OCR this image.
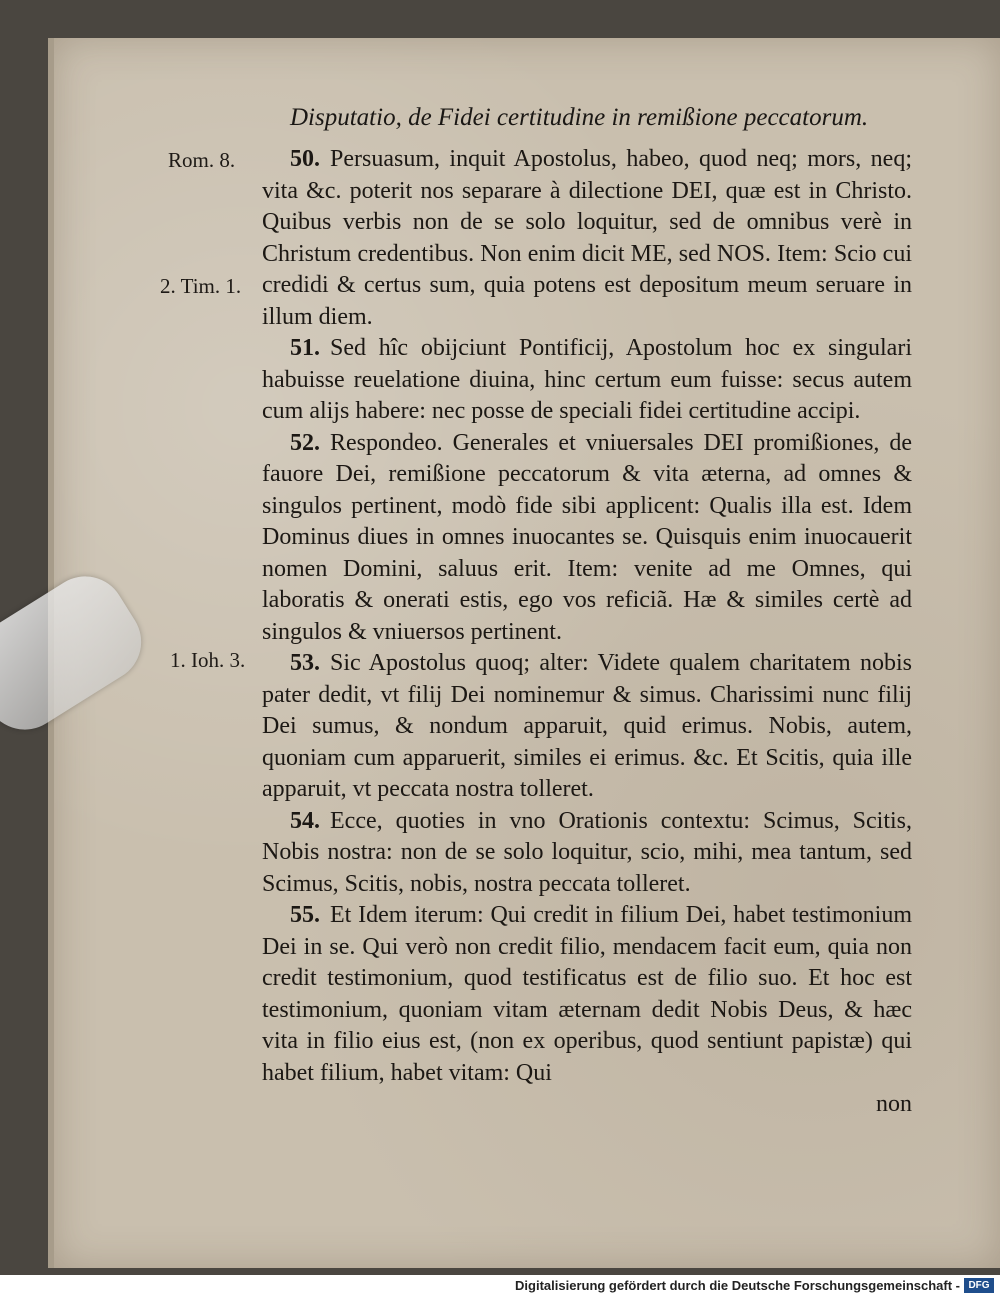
Disputatio, de Fidei certitudine in remißione peccatorum.
Rom. 8.
2. Tim. 1.
1. Ioh. 3.

50. Persuasum, inquit Apostolus, habeo, quod neq; mors, neq; vita &c. poterit nos separare à dilectione DEI, quæ est in Christo. Quibus verbis non de se solo loquitur, sed de omnibus verè in Christum credentibus. Non enim dicit ME, sed NOS. Item: Scio cui credidi & certus sum, quia potens est depositum meum seruare in illum diem.

51. Sed hîc obijciunt Pontificij, Apostolum hoc ex singulari habuisse reuelatione diuina, hinc certum eum fuisse: secus autem cum alijs habere: nec posse de speciali fidei certitudine accipi.

52. Respondeo. Generales et vniuersales DEI promißiones, de fauore Dei, remißione peccatorum & vita æterna, ad omnes & singulos pertinent, modò fide sibi applicent: Qualis illa est. Idem Dominus diues in omnes inuocantes se. Quisquis enim inuocauerit nomen Domini, saluus erit. Item: venite ad me Omnes, qui laboratis & onerati estis, ego vos reficiã. Hæ & similes certè ad singulos & vniuersos pertinent.

53. Sic Apostolus quoq; alter: Videte qualem charitatem nobis pater dedit, vt filij Dei nominemur & simus. Charissimi nunc filij Dei sumus, & nondum apparuit, quid erimus. Nobis, autem, quoniam cum apparuerit, similes ei erimus. &c. Et Scitis, quia ille apparuit, vt peccata nostra tolleret.

54. Ecce, quoties in vno Orationis contextu: Scimus, Scitis, Nobis nostra: non de se solo loquitur, scio, mihi, mea tantum, sed Scimus, Scitis, nobis, nostra peccata tolleret.

55. Et Idem iterum: Qui credit in filium Dei, habet testimonium Dei in se. Qui verò non credit filio, mendacem facit eum, quia non credit testimonium, quod testificatus est de filio suo. Et hoc est testimonium, quoniam vitam æternam dedit Nobis Deus, & hæc vita in filio eius est, (non ex operibus, quod sentiunt papistæ) qui habet filium, habet vitam: Qui

non
Digitalisierung gefördert durch die Deutsche Forschungsgemeinschaft - DFG
